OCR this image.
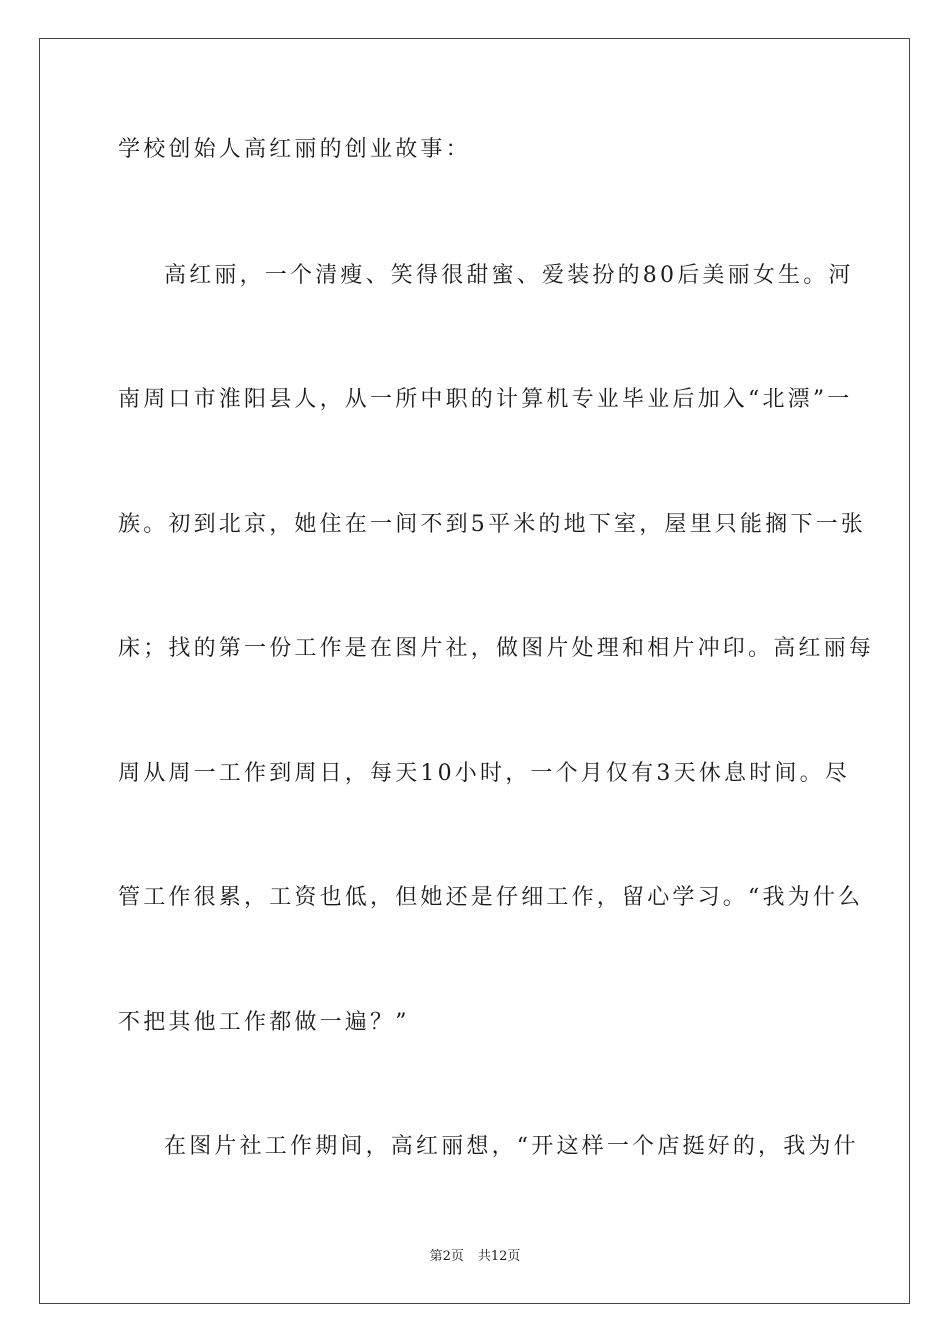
学校创始人高红丽的创业故事：
高红丽，一个清瘦、笑得很甜蜜、爱装扮的80后美丽女生。河
南周口市淮阳县人，从一所中职的计算机专业毕业后加入“北漂”一
族。初到北京，她住在一间不到5平米的地下室，屋里只能搁下一张
床；找的第一份工作是在图片社，做图片处理和相片冲印。高红丽每
周从周一工作到周日，每天10小时，一个月仅有3天休息时间。尽
管工作很累，工资也低，但她还是仔细工作，留心学习。“我为什么
不把其他工作都做一遍？”
在图片社工作期间，高红丽想，“开这样一个店挺好的，我为什
第2页 共12页
